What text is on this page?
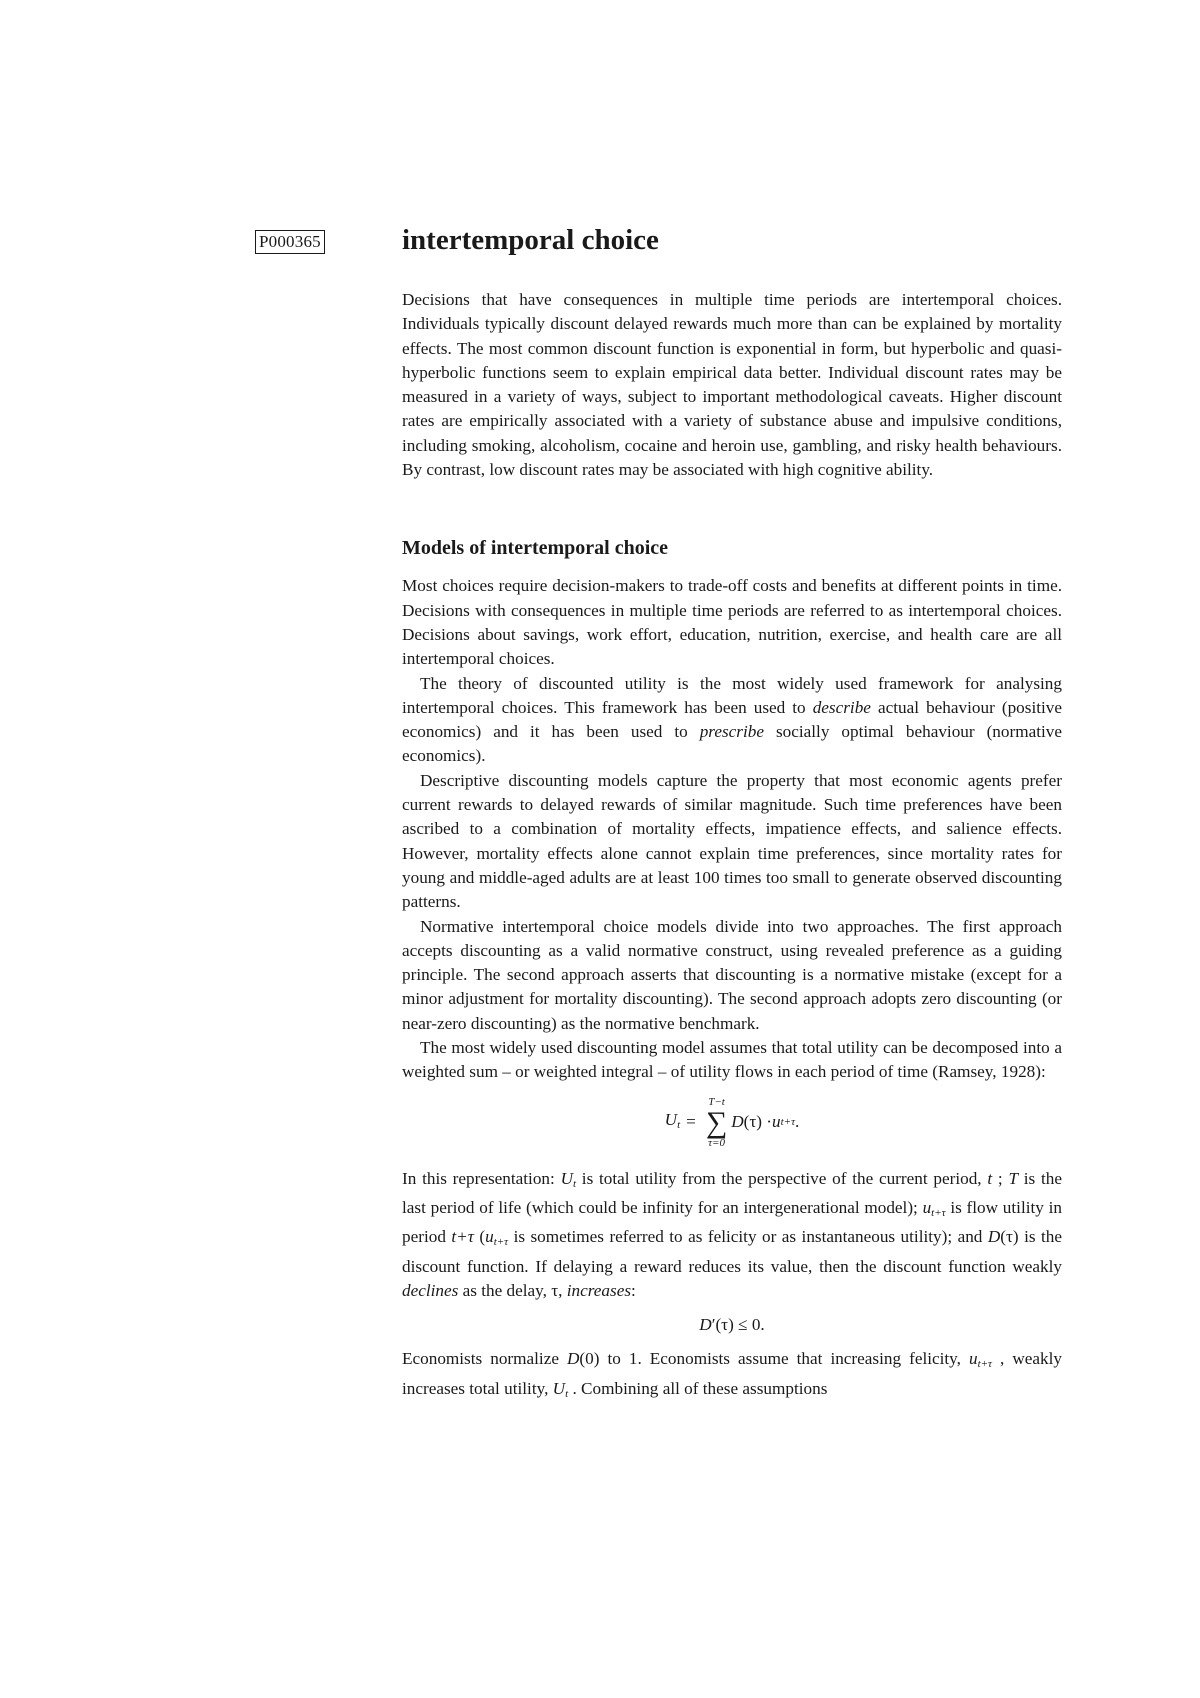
P000365	intertemporal choice

Decisions that have consequences in multiple time periods are intertemporal choices. Individuals typically discount delayed rewards much more than can be explained by mortality effects. The most common discount function is exponential in form, but hyperbolic and quasi-hyperbolic functions seem to explain empirical data better. Individual discount rates may be measured in a variety of ways, subject to important methodological caveats. Higher discount rates are empirically associated with a variety of substance abuse and impulsive conditions, including smoking, alcoholism, cocaine and heroin use, gambling, and risky health behaviours. By contrast, low discount rates may be associated with high cognitive ability.

Models of intertemporal choice

Most choices require decision-makers to trade-off costs and benefits at different points in time. Decisions with consequences in multiple time periods are referred to as intertemporal choices. Decisions about savings, work effort, education, nutrition, exercise, and health care are all intertemporal choices.

The theory of discounted utility is the most widely used framework for analysing intertemporal choices. This framework has been used to describe actual behaviour (positive economics) and it has been used to prescribe socially optimal behaviour (normative economics).

Descriptive discounting models capture the property that most economic agents prefer current rewards to delayed rewards of similar magnitude. Such time preferences have been ascribed to a combination of mortality effects, impatience effects, and salience effects. However, mortality effects alone cannot explain time preferences, since mortality rates for young and middle-aged adults are at least 100 times too small to generate observed discounting patterns.

Normative intertemporal choice models divide into two approaches. The first approach accepts discounting as a valid normative construct, using revealed preference as a guiding principle. The second approach asserts that discounting is a normative mistake (except for a minor adjustment for mortality discounting). The second approach adopts zero discounting (or near-zero discounting) as the normative benchmark.

The most widely used discounting model assumes that total utility can be decomposed into a weighted sum – or weighted integral – of utility flows in each period of time (Ramsey, 1928):

$U_t$ =
T−t
∑
τ=0
D (τ) · u t+τ .

In this representation: $U_t$ is total utility from the perspective of the current period, t ; T is the last period of life (which could be infinity for an intergenerational model); $u_{t+\tau}$ is flow utility in period t+τ ($u_{t+\tau}$ is sometimes referred to as felicity or as instantaneous utility); and D(τ) is the discount function. If delaying a reward reduces its value, then the discount function weakly declines as the delay, τ, increases:

D′(τ) ≤ 0.

Economists normalize D(0) to 1. Economists assume that increasing felicity, $u_{t+\tau}$ , weakly increases total utility, $U_t$ . Combining all of these assumptions
